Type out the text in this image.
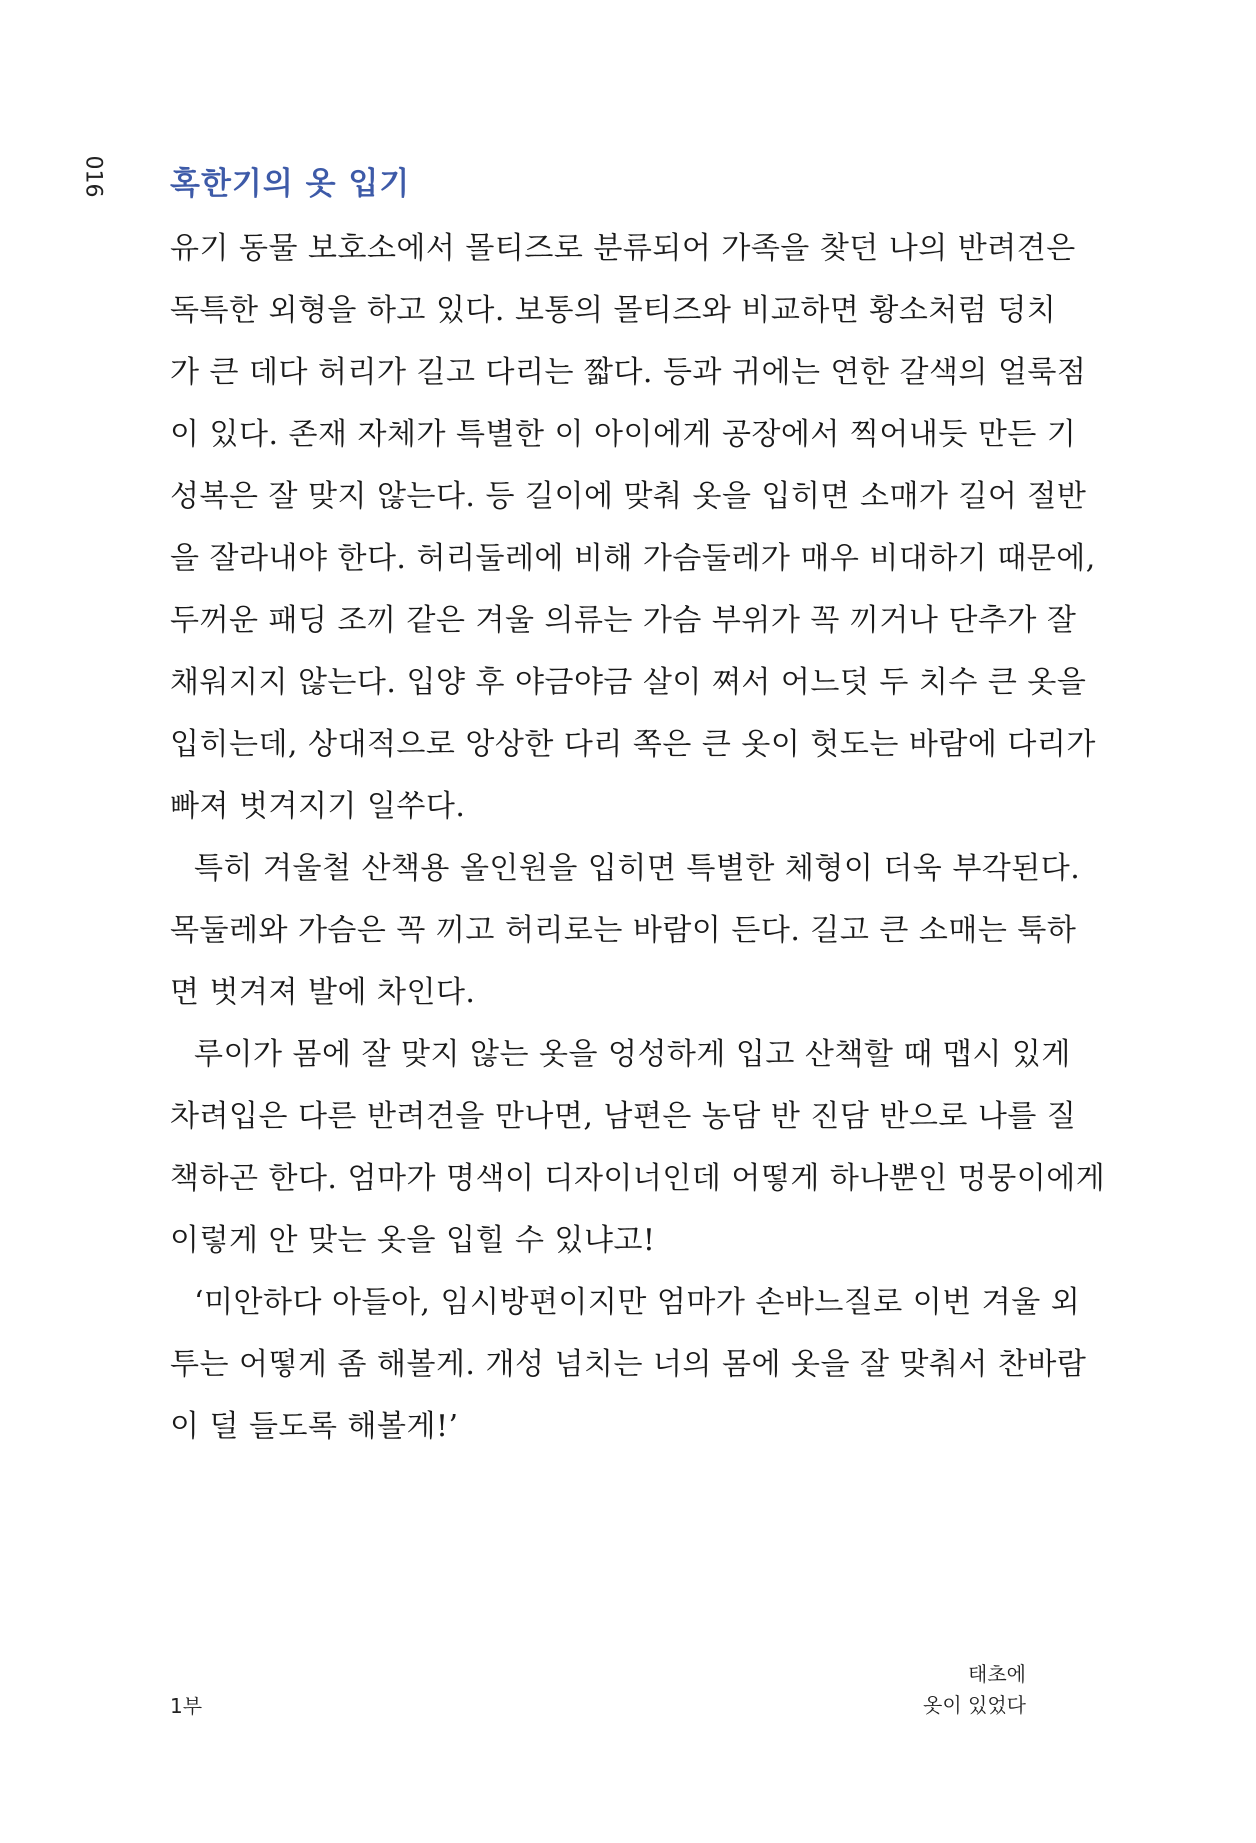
016 혹한기의 옷 입기
유기 동물 보호소에서 몰티즈로 분류되어 가족을 찾던 나의 반려견은
독특한 외형을 하고 있다. 보통의 몰티즈와 비교하면 황소처럼 덩치
가 큰 데다 허리가 길고 다리는 짧다. 등과 귀에는 연한 갈색의 얼룩점
이 있다. 존재 자체가 특별한 이 아이에게 공장에서 찍어내듯 만든 기
성복은 잘 맞지 않는다. 등 길이에 맞춰 옷을 입히면 소매가 길어 절반
을 잘라내야 한다. 허리둘레에 비해 가슴둘레가 매우 비대하기 때문에,
두꺼운 패딩 조끼 같은 겨울 의류는 가슴 부위가 꼭 끼거나 단추가 잘
채워지지 않는다. 입양 후 야금야금 살이 쪄서 어느덧 두 치수 큰 옷을
입히는데, 상대적으로 앙상한 다리 쪽은 큰 옷이 헛도는 바람에 다리가
빠져 벗겨지기 일쑤다.
특히 겨울철 산책용 올인원을 입히면 특별한 체형이 더욱 부각된다.
목둘레와 가슴은 꼭 끼고 허리로는 바람이 든다. 길고 큰 소매는 툭하
면 벗겨져 발에 차인다.
루이가 몸에 잘 맞지 않는 옷을 엉성하게 입고 산책할 때 맵시 있게
차려입은 다른 반려견을 만나면, 남편은 농담 반 진담 반으로 나를 질
책하곤 한다. 엄마가 명색이 디자이너인데 어떻게 하나뿐인 멍뭉이에게
이렇게 안 맞는 옷을 입힐 수 있냐고!
‘미안하다 아들아, 임시방편이지만 엄마가 손바느질로 이번 겨울 외
투는 어떻게 좀 해볼게. 개성 넘치는 너의 몸에 옷을 잘 맞춰서 찬바람
이 덜 들도록 해볼게!’
1부
태초에
옷이 있었다
